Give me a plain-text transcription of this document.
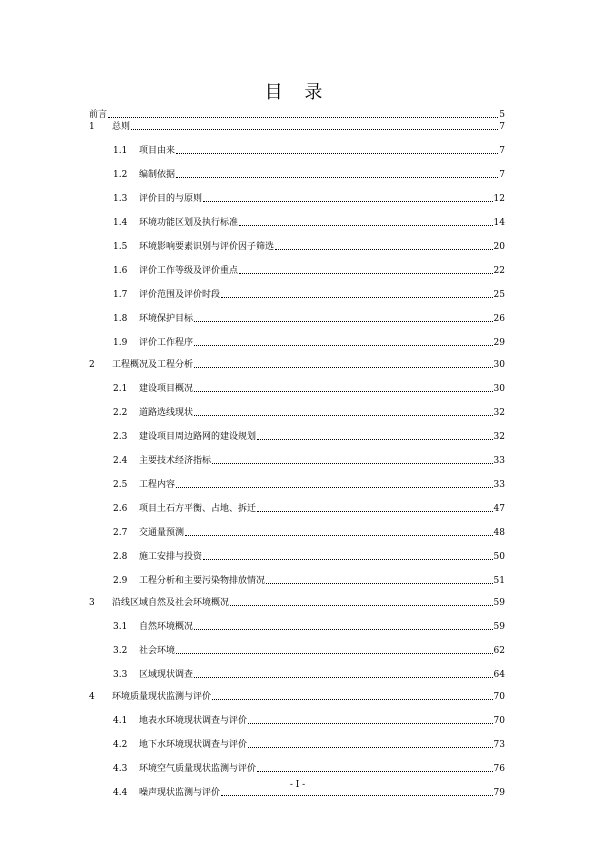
目 录
前言	5
1	总则	7
1.1	项目由来	7
1.2	编制依据	7
1.3	评价目的与原则	12
1.4	环境功能区划及执行标准	14
1.5	环境影响要素识别与评价因子筛选	20
1.6	评价工作等级及评价重点	22
1.7	评价范围及评价时段	25
1.8	环境保护目标	26
1.9	评价工作程序	29
2	工程概况及工程分析	30
2.1	建设项目概况	30
2.2	道路选线现状	32
2.3	建设项目周边路网的建设规划	32
2.4	主要技术经济指标	33
2.5	工程内容	33
2.6	项目土石方平衡、占地、拆迁	47
2.7	交通量预测	48
2.8	施工安排与投资	50
2.9	工程分析和主要污染物排放情况	51
3	沿线区域自然及社会环境概况	59
3.1	自然环境概况	59
3.2	社会环境	62
3.3	区域现状调查	64
4	环境质量现状监测与评价	70
4.1	地表水环境现状调查与评价	70
4.2	地下水环境现状调查与评价	73
4.3	环境空气质量现状监测与评价	76
4.4	噪声现状监测与评价	79
- I -
